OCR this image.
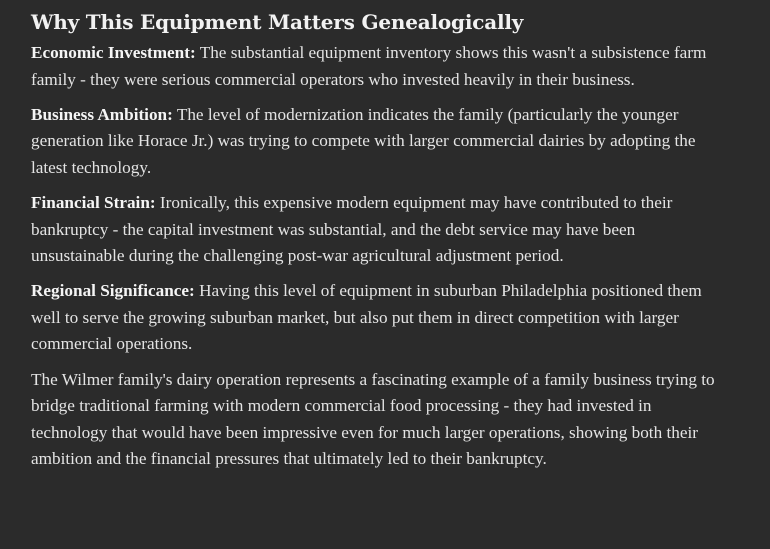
Why This Equipment Matters Genealogically

Economic Investment: The substantial equipment inventory shows this wasn't a subsistence farm family - they were serious commercial operators who invested heavily in their business.

Business Ambition: The level of modernization indicates the family (particularly the younger generation like Horace Jr.) was trying to compete with larger commercial dairies by adopting the latest technology.

Financial Strain: Ironically, this expensive modern equipment may have contributed to their bankruptcy - the capital investment was substantial, and the debt service may have been unsustainable during the challenging post-war agricultural adjustment period.

Regional Significance: Having this level of equipment in suburban Philadelphia positioned them well to serve the growing suburban market, but also put them in direct competition with larger commercial operations.

The Wilmer family's dairy operation represents a fascinating example of a family business trying to bridge traditional farming with modern commercial food processing - they had invested in technology that would have been impressive even for much larger operations, showing both their ambition and the financial pressures that ultimately led to their bankruptcy.
